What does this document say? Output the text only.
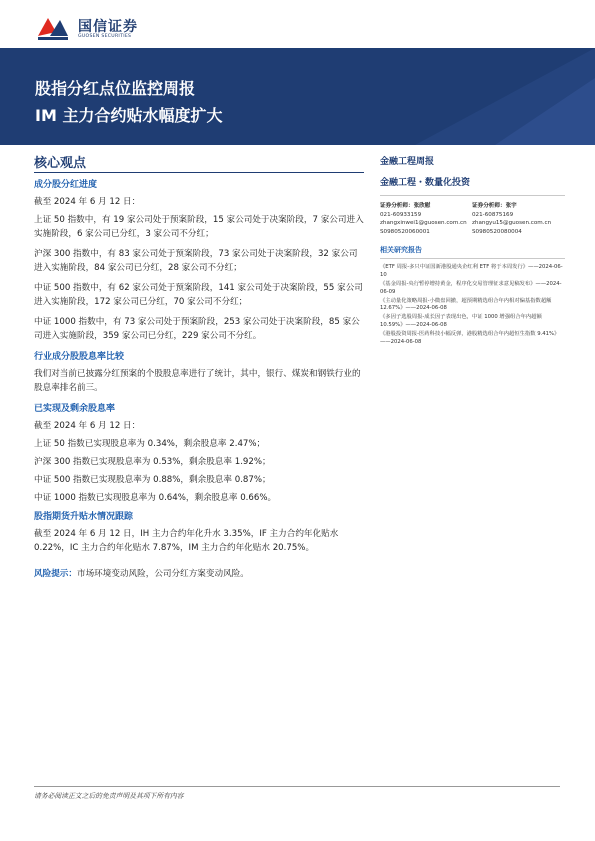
国信证券
GUOSEN SECURITIES
股指分红点位监控周报
IM 主力合约贴水幅度扩大
核心观点
成分股分红进度
截至 2024 年 6 月 12 日：
上证 50 指数中，有 19 家公司处于预案阶段，15 家公司处于决案阶段，7 家公司进入实施阶段，6 家公司已分红，3 家公司不分红；
沪深 300 指数中，有 83 家公司处于预案阶段，73 家公司处于决案阶段，32 家公司进入实施阶段，84 家公司已分红，28 家公司不分红；
中证 500 指数中，有 62 家公司处于预案阶段，141 家公司处于决案阶段，55 家公司进入实施阶段，172 家公司已分红，70 家公司不分红；
中证 1000 指数中，有 73 家公司处于预案阶段，253 家公司处于决案阶段，85 家公司进入实施阶段，359 家公司已分红，229 家公司不分红。
行业成分股股息率比较
我们对当前已披露分红预案的个股股息率进行了统计，其中，银行、煤炭和钢铁行业的股息率排名前三。
已实现及剩余股息率
截至 2024 年 6 月 12 日：
上证 50 指数已实现股息率为 0.34%，剩余股息率 2.47%；
沪深 300 指数已实现股息率为 0.53%，剩余股息率 1.92%；
中证 500 指数已实现股息率为 0.88%，剩余股息率 0.87%；
中证 1000 指数已实现股息率为 0.64%，剩余股息率 0.66%。
股指期货升贴水情况跟踪
截至 2024 年 6 月 12 日，IH 主力合约年化升水 3.35%，IF 主力合约年化贴水 0.22%，IC 主力合约年化贴水 7.87%，IM 主力合约年化贴水 20.75%。
风险提示：市场环境变动风险，公司分红方案变动风险。
金融工程周报
金融工程・数量化投资
证券分析师：张欣慰
021-60933159
zhangxinwei1@guosen.com.cn
S0980520060001
证券分析师：张宇
021-60875169
zhangyu15@guosen.com.cn
S0980520080004
相关研究报告
《ETF 周报-多只中证国新港股通央企红利 ETF 将于本周发行》——2024-06-10
《基金周报-央行暂停增持黄金，程序化交易管理征求意见稿发布》——2024-06-09
《主动量化策略周报-小微盘回撤，超预期精选组合年内相对偏基指数超额 12.67%》——2024-06-08
《多因子选股周报-成长因子表现出色，中证 1000 增强组合年内超额 10.59%》——2024-06-08
《港股投资周报-医药科技小幅反弹，港股精选组合年内超恒生指数 9.41%》——2024-06-08
请务必阅读正文之后的免责声明及其项下所有内容
